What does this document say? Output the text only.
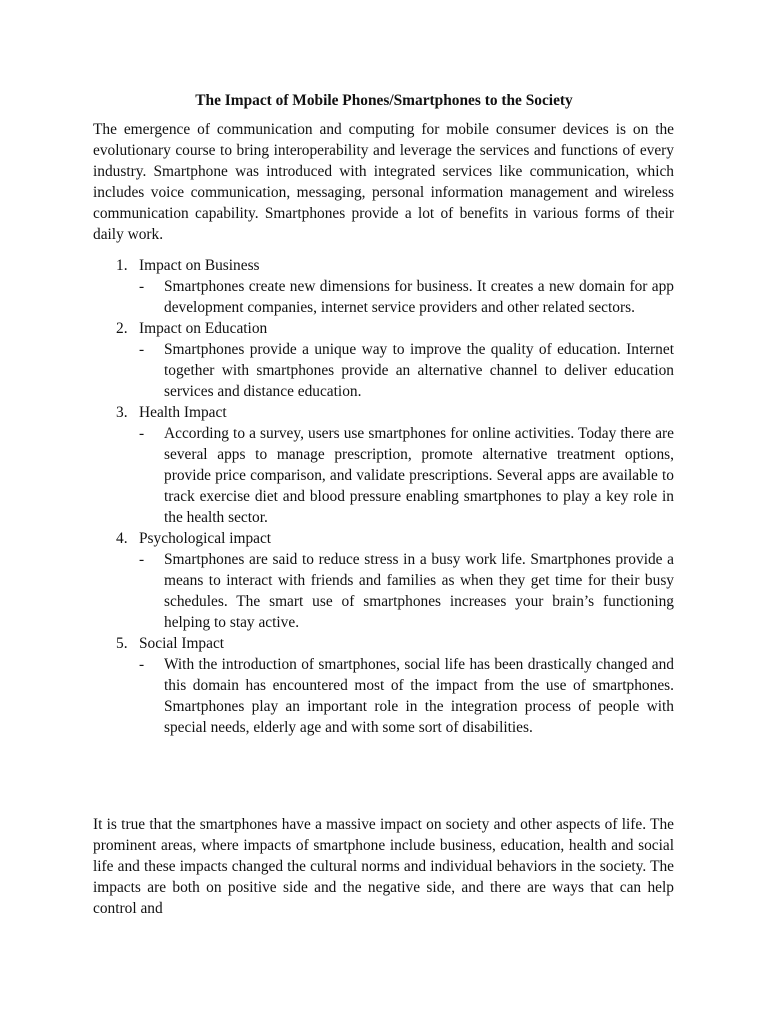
The Impact of Mobile Phones/Smartphones to the Society

The emergence of communication and computing for mobile consumer devices is on the evolutionary course to bring interoperability and leverage the services and functions of every industry. Smartphone was introduced with integrated services like communication, which includes voice communication, messaging, personal information management and wireless communication capability. Smartphones provide a lot of benefits in various forms of their daily work.

1. Impact on Business
- Smartphones create new dimensions for business. It creates a new domain for app development companies, internet service providers and other related sectors.
2. Impact on Education
- Smartphones provide a unique way to improve the quality of education. Internet together with smartphones provide an alternative channel to deliver education services and distance education.
3. Health Impact
- According to a survey, users use smartphones for online activities. Today there are several apps to manage prescription, promote alternative treatment options, provide price comparison, and validate prescriptions. Several apps are available to track exercise diet and blood pressure enabling smartphones to play a key role in the health sector.
4. Psychological impact
- Smartphones are said to reduce stress in a busy work life. Smartphones provide a means to interact with friends and families as when they get time for their busy schedules. The smart use of smartphones increases your brain’s functioning helping to stay active.
5. Social Impact
- With the introduction of smartphones, social life has been drastically changed and this domain has encountered most of the impact from the use of smartphones. Smartphones play an important role in the integration process of people with special needs, elderly age and with some sort of disabilities.

It is true that the smartphones have a massive impact on society and other aspects of life. The prominent areas, where impacts of smartphone include business, education, health and social life and these impacts changed the cultural norms and individual behaviors in the society. The impacts are both on positive side and the negative side, and there are ways that can help control and
